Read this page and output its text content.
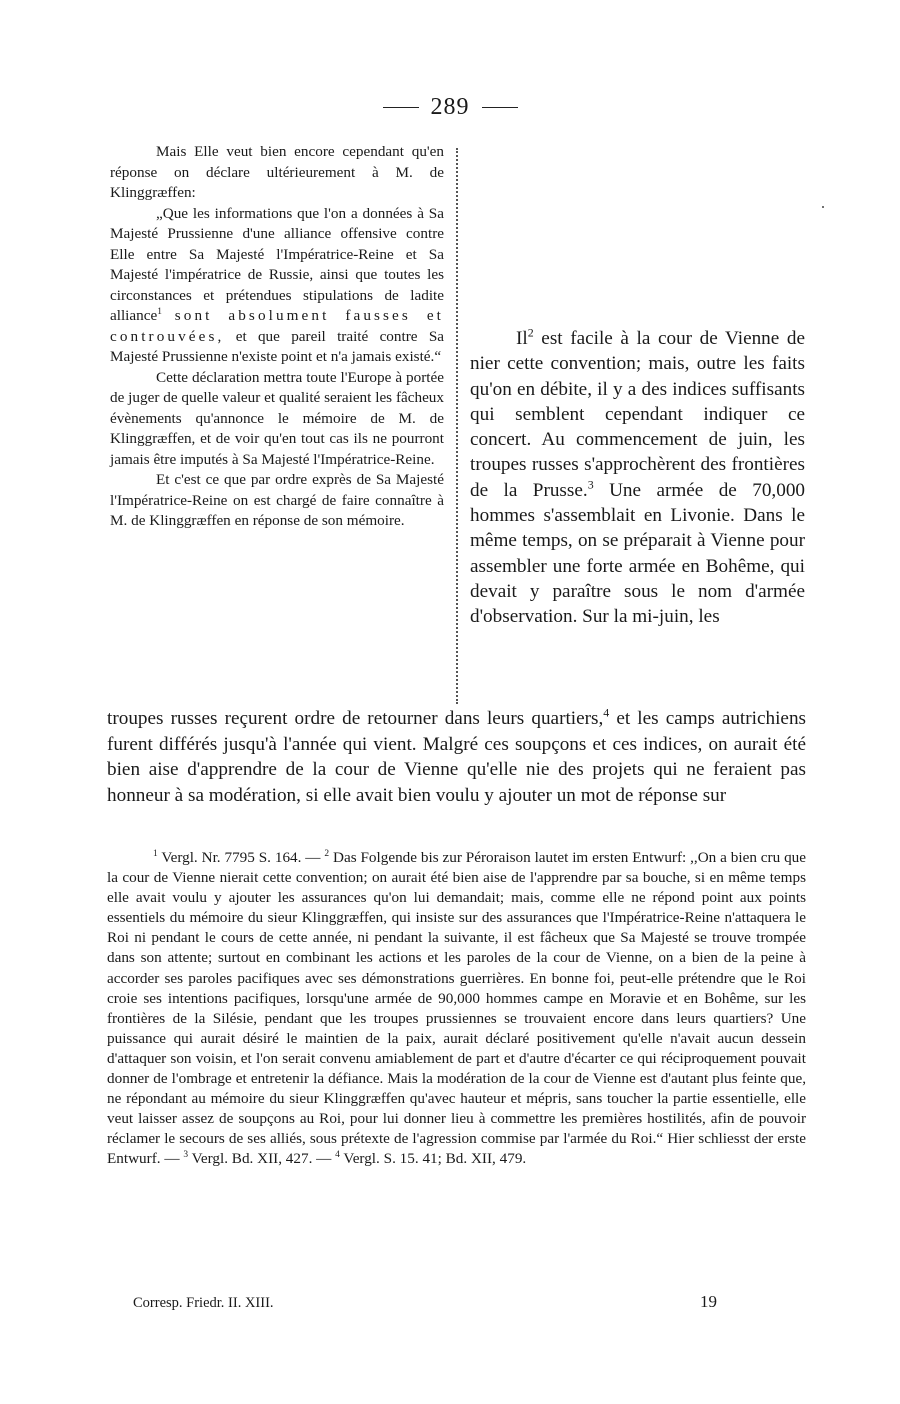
289

Mais Elle veut bien encore cependant qu'en réponse on déclare ultérieurement à M. de Klinggræffen:

„Que les informations que l'on a données à Sa Majesté Prussienne d'une alliance offensive contre Elle entre Sa Majesté l'Impératrice-Reine et Sa Majesté l'impératrice de Russie, ainsi que toutes les circonstances et prétendues stipulations de ladite alliance$^1$ sont absolument fausses et controuvées, et que pareil traité contre Sa Majesté Prussienne n'existe point et n'a jamais existé.“

Cette déclaration mettra toute l'Europe à portée de juger de quelle valeur et qualité seraient les fâcheux évènements qu'annonce le mémoire de M. de Klinggræffen, et de voir qu'en tout cas ils ne pourront jamais être imputés à Sa Majesté l'Impératrice-Reine.

Et c'est ce que par ordre exprès de Sa Majesté l'Impératrice-Reine on est chargé de faire connaître à M. de Klinggræffen en réponse de son mémoire.

Il$^2$ est facile à la cour de Vienne de nier cette convention; mais, outre les faits qu'on en débite, il y a des indices suffisants qui semblent cependant indiquer ce concert. Au commencement de juin, les troupes russes s'approchèrent des frontières de la Prusse.$^3$ Une armée de 70,000 hommes s'assemblait en Livonie. Dans le même temps, on se préparait à Vienne pour assembler une forte armée en Bohême, qui devait y paraître sous le nom d'armée d'observation. Sur la mi-juin, les

troupes russes reçurent ordre de retourner dans leurs quartiers,$^4$ et les camps autrichiens furent différés jusqu'à l'année qui vient. Malgré ces soupçons et ces indices, on aurait été bien aise d'apprendre de la cour de Vienne qu'elle nie des projets qui ne feraient pas honneur à sa modération, si elle avait bien voulu y ajouter un mot de réponse sur

$^1$ Vergl. Nr. 7795 S. 164. — $^2$ Das Folgende bis zur Péroraison lautet im ersten Entwurf: ,,On a bien cru que la cour de Vienne nierait cette convention; on aurait été bien aise de l'apprendre par sa bouche, si en même temps elle avait voulu y ajouter les assurances qu'on lui demandait; mais, comme elle ne répond point aux points essentiels du mémoire du sieur Klinggræffen, qui insiste sur des assurances que l'Impératrice-Reine n'attaquera le Roi ni pendant le cours de cette année, ni pendant la suivante, il est fâcheux que Sa Majesté se trouve trompée dans son attente; surtout en combinant les actions et les paroles de la cour de Vienne, on a bien de la peine à accorder ses paroles pacifiques avec ses démonstrations guerrières. En bonne foi, peut-elle prétendre que le Roi croie ses intentions pacifiques, lorsqu'une armée de 90,000 hommes campe en Moravie et en Bohême, sur les frontières de la Silésie, pendant que les troupes prussiennes se trouvaient encore dans leurs quartiers? Une puissance qui aurait désiré le maintien de la paix, aurait déclaré positivement qu'elle n'avait aucun dessein d'attaquer son voisin, et l'on serait convenu amiablement de part et d'autre d'écarter ce qui réciproquement pouvait donner de l'ombrage et entretenir la défiance. Mais la modération de la cour de Vienne est d'autant plus feinte que, ne répondant au mémoire du sieur Klinggræffen qu'avec hauteur et mépris, sans toucher la partie essentielle, elle veut laisser assez de soupçons au Roi, pour lui donner lieu à commettre les premières hostilités, afin de pouvoir réclamer le secours de ses alliés, sous prétexte de l'agression commise par l'armée du Roi.“ Hier schliesst der erste Entwurf. — $^3$ Vergl. Bd. XII, 427. — $^4$ Vergl. S. 15. 41; Bd. XII, 479.

Corresp. Friedr. II. XIII.	19
